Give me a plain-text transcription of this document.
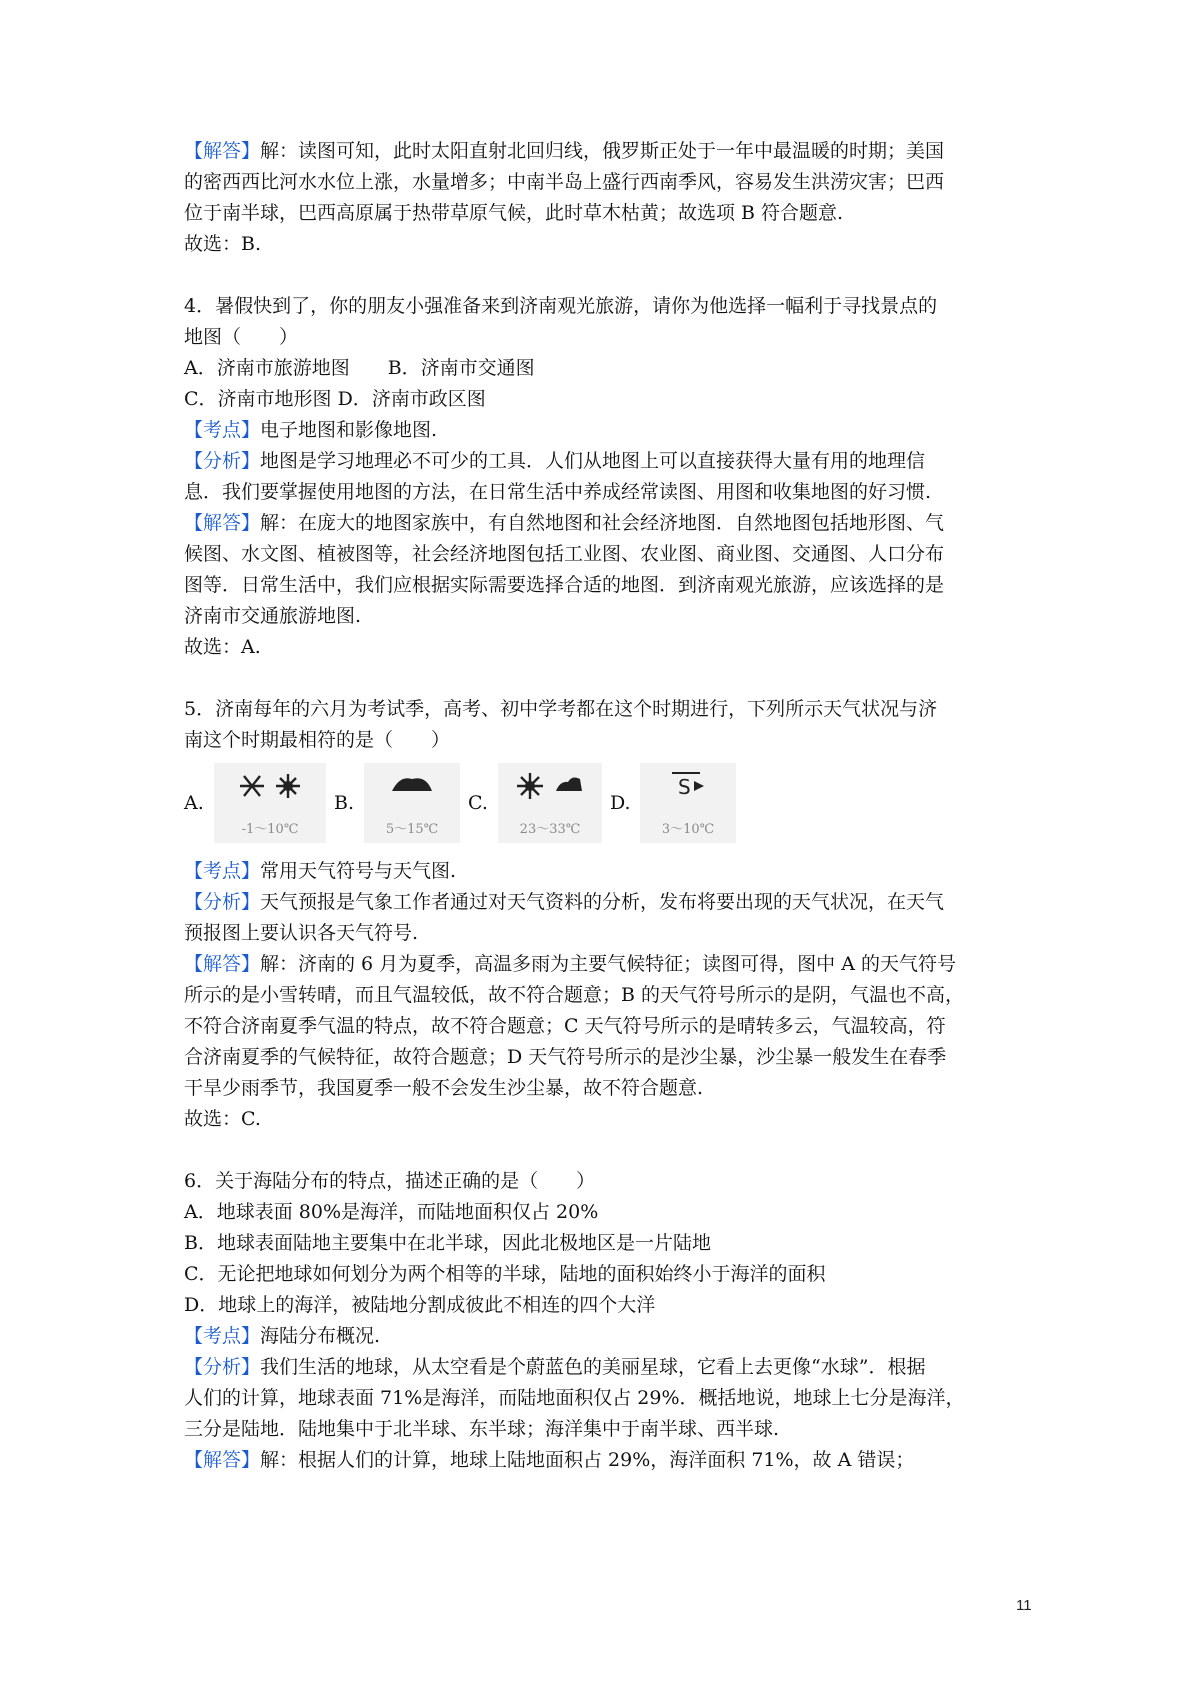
【解答】解：读图可知，此时太阳直射北回归线，俄罗斯正处于一年中最温暖的时期；美国
的密西西比河水水位上涨，水量增多；中南半岛上盛行西南季风，容易发生洪涝灾害；巴西
位于南半球，巴西高原属于热带草原气候，此时草木枯黄；故选项 B 符合题意.
故选：B.
4．暑假快到了，你的朋友小强准备来到济南观光旅游，请你为他选择一幅利于寻找景点的
地图（　　）
A．济南市旅游地图　　B．济南市交通图
C．济南市地形图 D．济南市政区图
【考点】电子地图和影像地图.
【分析】地图是学习地理必不可少的工具．人们从地图上可以直接获得大量有用的地理信
息．我们要掌握使用地图的方法，在日常生活中养成经常读图、用图和收集地图的好习惯.
【解答】解：在庞大的地图家族中，有自然地图和社会经济地图．自然地图包括地形图、气
候图、水文图、植被图等，社会经济地图包括工业图、农业图、商业图、交通图、人口分布
图等．日常生活中，我们应根据实际需要选择合适的地图．到济南观光旅游，应该选择的是
济南市交通旅游地图.
故选：A.
5．济南每年的六月为考试季，高考、初中学考都在这个时期进行，下列所示天气状况与济
南这个时期最相符的是（　　）
A.
-1～10℃
B.
5～15℃
C.
23～33℃
D.
S
3～10℃
【考点】常用天气符号与天气图.
【分析】天气预报是气象工作者通过对天气资料的分析，发布将要出现的天气状况，在天气
预报图上要认识各天气符号.
【解答】解：济南的 6 月为夏季，高温多雨为主要气候特征；读图可得，图中 A 的天气符号
所示的是小雪转晴，而且气温较低，故不符合题意；B 的天气符号所示的是阴，气温也不高，
不符合济南夏季气温的特点，故不符合题意；C 天气符号所示的是晴转多云，气温较高，符
合济南夏季的气候特征，故符合题意；D 天气符号所示的是沙尘暴，沙尘暴一般发生在春季
干旱少雨季节，我国夏季一般不会发生沙尘暴，故不符合题意.
故选：C.
6．关于海陆分布的特点，描述正确的是（　　）
A．地球表面 80%是海洋，而陆地面积仅占 20%
B．地球表面陆地主要集中在北半球，因此北极地区是一片陆地
C．无论把地球如何划分为两个相等的半球，陆地的面积始终小于海洋的面积
D．地球上的海洋，被陆地分割成彼此不相连的四个大洋
【考点】海陆分布概况.
【分析】我们生活的地球，从太空看是个蔚蓝色的美丽星球，它看上去更像“水球”．根据
人们的计算，地球表面 71%是海洋，而陆地面积仅占 29%．概括地说，地球上七分是海洋，
三分是陆地．陆地集中于北半球、东半球；海洋集中于南半球、西半球.
【解答】解：根据人们的计算，地球上陆地面积占 29%，海洋面积 71%，故 A 错误；
11
